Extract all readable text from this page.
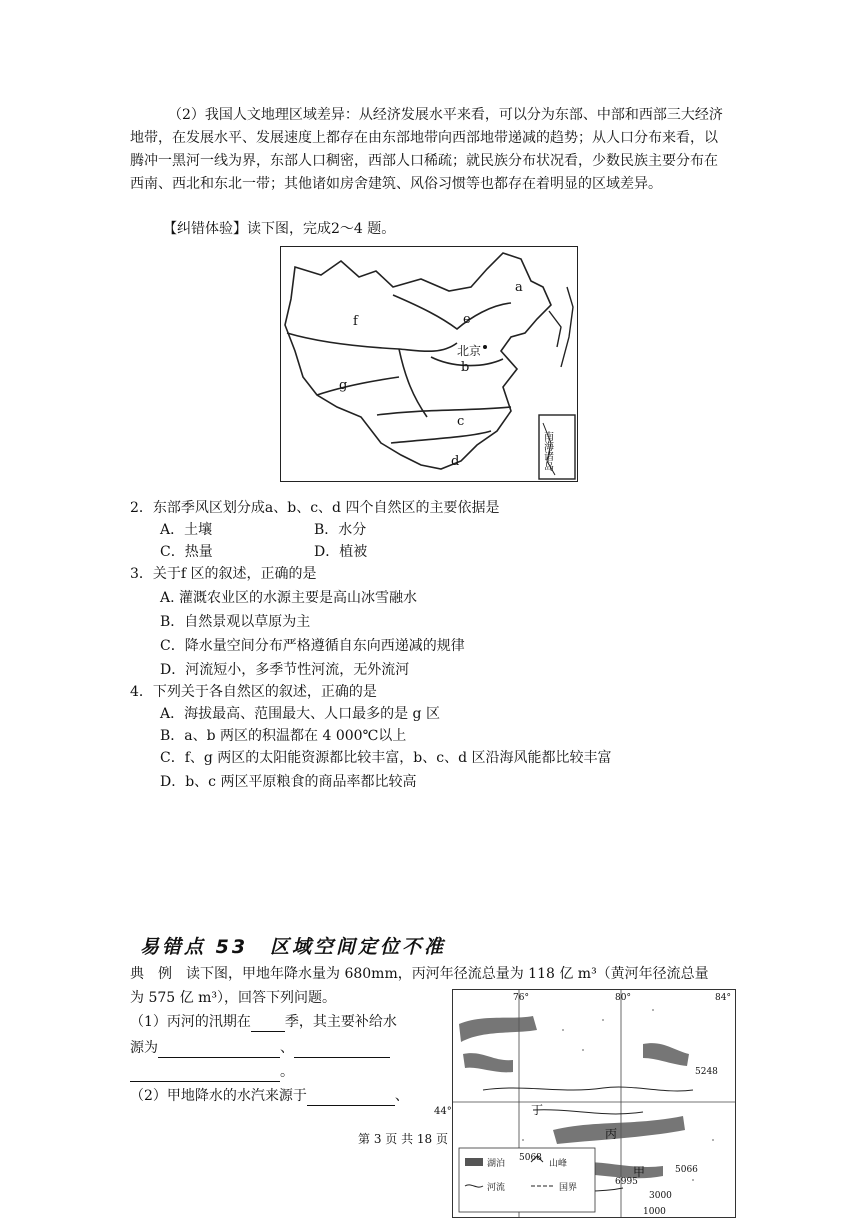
（2）我国人文地理区域差异：从经济发展水平来看，可以分为东部、中部和西部三大经济地带，在发展水平、发展速度上都存在由东部地带向西部地带递减的趋势；从人口分布来看，以腾冲一黑河一线为界，东部人口稠密，西部人口稀疏；就民族分布状况看，少数民族主要分布在西南、西北和东北一带；其他诸如房舍建筑、风俗习惯等也都存在着明显的区域差异。
【纠错体验】读下图，完成2～4 题。
a
b
c
d
e
f
g
北京
南海诸岛
2．东部季风区划分成a、b、c、d 四个自然区的主要依据是
A．土壤	B．水分
C．热量	D．植被
3．关于f 区的叙述，正确的是
A. 灌溉农业区的水源主要是高山冰雪融水
B．自然景观以草原为主
C．降水量空间分布严格遵循自东向西递减的规律
D．河流短小，多季节性河流，无外流河
4．下列关于各自然区的叙述，正确的是
A．海拔最高、范围最大、人口最多的是 g 区
B．a、b 两区的积温都在 4 000℃以上
C．f、g 两区的太阳能资源都比较丰富，b、c、d 区沿海风能都比较丰富
D．b、c 两区平原粮食的商品率都比较高
易错点 53　区域空间定位不准
典　例　读下图，甲地年降水量为 680mm，丙河年径流总量为 118 亿 m³（黄河年径流总量
为 575 亿 m³），回答下列问题。
（1）丙河的汛期在 季，其主要补给水
源为	、
。
（2）甲地降水的水汽来源于	、
湖泊	山峰
河流	国界
76°	80°	84°
5248
5068
6995
5066
3000
1000
丁
丙
甲
44°
第 3 页 共 18 页
